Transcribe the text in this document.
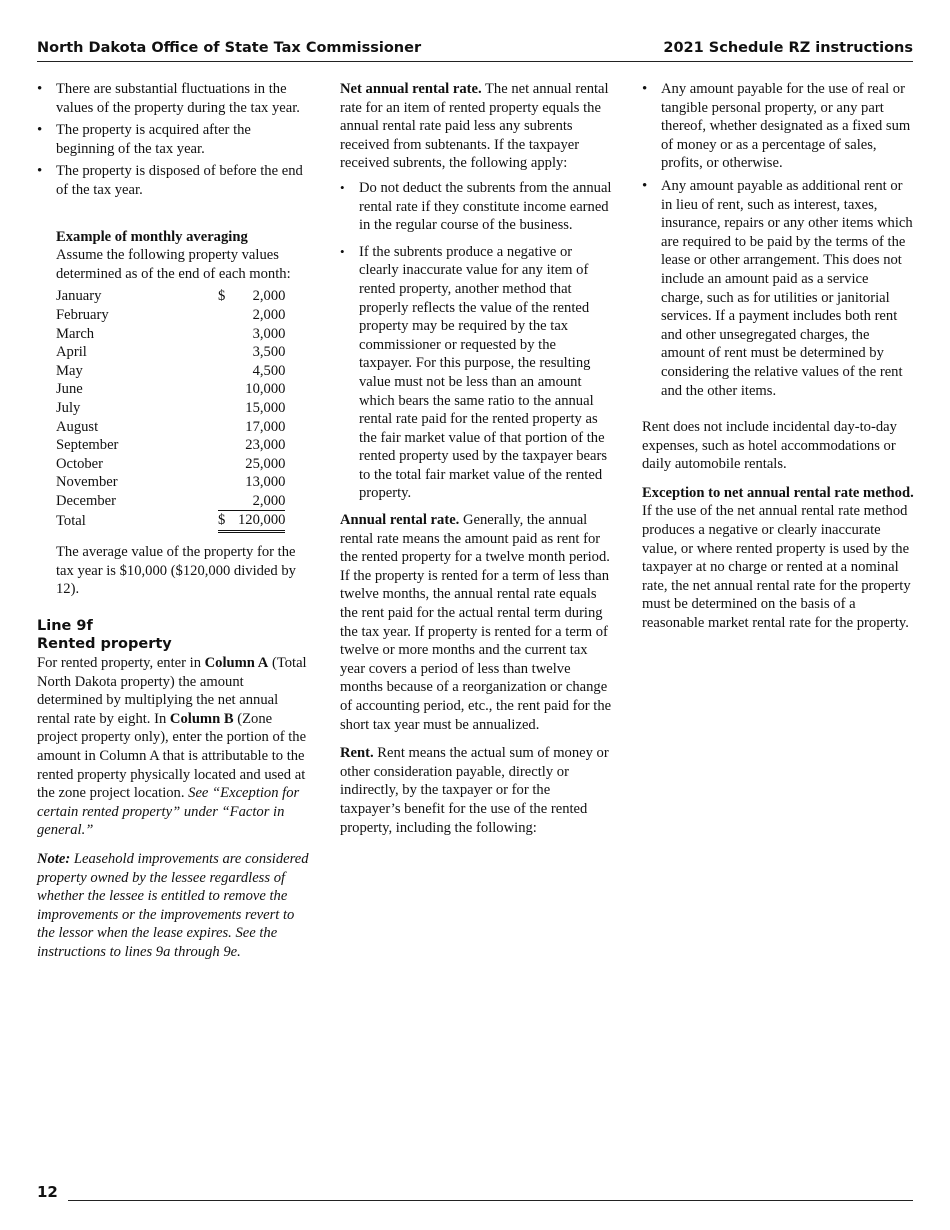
North Dakota Office of State Tax Commissioner	2021 Schedule RZ instructions
• There are substantial fluctuations in the values of the property during the tax year.
• The property is acquired after the beginning of the tax year.
• The property is disposed of before the end of the tax year.
Example of monthly averaging
Assume the following property values determined as of the end of each month:
January	$	2,000
February		2,000
March		3,000
April		3,500
May		4,500
June		10,000
July		15,000
August		17,000
September		23,000
October		25,000
November		13,000
December		2,000
Total	$	120,000

The average value of the property for the tax year is $10,000 ($120,000 divided by 12).

Line 9f
Rented property

For rented property, enter in Column A (Total North Dakota property) the amount determined by multiplying the net annual rental rate by eight. In Column B (Zone project property only), enter the portion of the amount in Column A that is attributable to the rented property physically located and used at the zone project location. See “Exception for certain rented property” under “Factor in general.”

Note: Leasehold improvements are considered property owned by the lessee regardless of whether the lessee is entitled to remove the improvements or the improvements revert to the lessor when the lease expires. See the instructions to lines 9a through 9e.

Net annual rental rate. The net annual rental rate for an item of rented property equals the annual rental rate paid less any subrents received from subtenants. If the taxpayer received subrents, the following apply:

• Do not deduct the subrents from the annual rental rate if they constitute income earned in the regular course of the business.
• If the subrents produce a negative or clearly inaccurate value for any item of rented property, another method that properly reflects the value of the rented property may be required by the tax commissioner or requested by the taxpayer. For this purpose, the resulting value must not be less than an amount which bears the same ratio to the annual rental rate paid for the rented property as the fair market value of that portion of the rented property used by the taxpayer bears to the total fair market value of the rented property.

Annual rental rate. Generally, the annual rental rate means the amount paid as rent for the rented property for a twelve month period. If the property is rented for a term of less than twelve months, the annual rental rate equals the rent paid for the actual rental term during the tax year. If property is rented for a term of twelve or more months and the current tax year covers a period of less than twelve months because of a reorganization or change of accounting period, etc., the rent paid for the short tax year must be annualized.

Rent. Rent means the actual sum of money or other consideration payable, directly or indirectly, by the taxpayer or for the taxpayer’s benefit for the use of the rented property, including the following:

• Any amount payable for the use of real or tangible personal property, or any part thereof, whether designated as a fixed sum of money or as a percentage of sales, profits, or otherwise.
• Any amount payable as additional rent or in lieu of rent, such as interest, taxes, insurance, repairs or any other items which are required to be paid by the terms of the lease or other arrangement. This does not include an amount paid as a service charge, such as for utilities or janitorial services. If a payment includes both rent and other unsegregated charges, the amount of rent must be determined by considering the relative values of the rent and the other items.

Rent does not include incidental day-to-day expenses, such as hotel accommodations or daily automobile rentals.

Exception to net annual rental rate method. If the use of the net annual rental rate method produces a negative or clearly inaccurate value, or where rented property is used by the taxpayer at no charge or rented at a nominal rate, the net annual rental rate for the property must be determined on the basis of a reasonable market rental rate for the property.

12
